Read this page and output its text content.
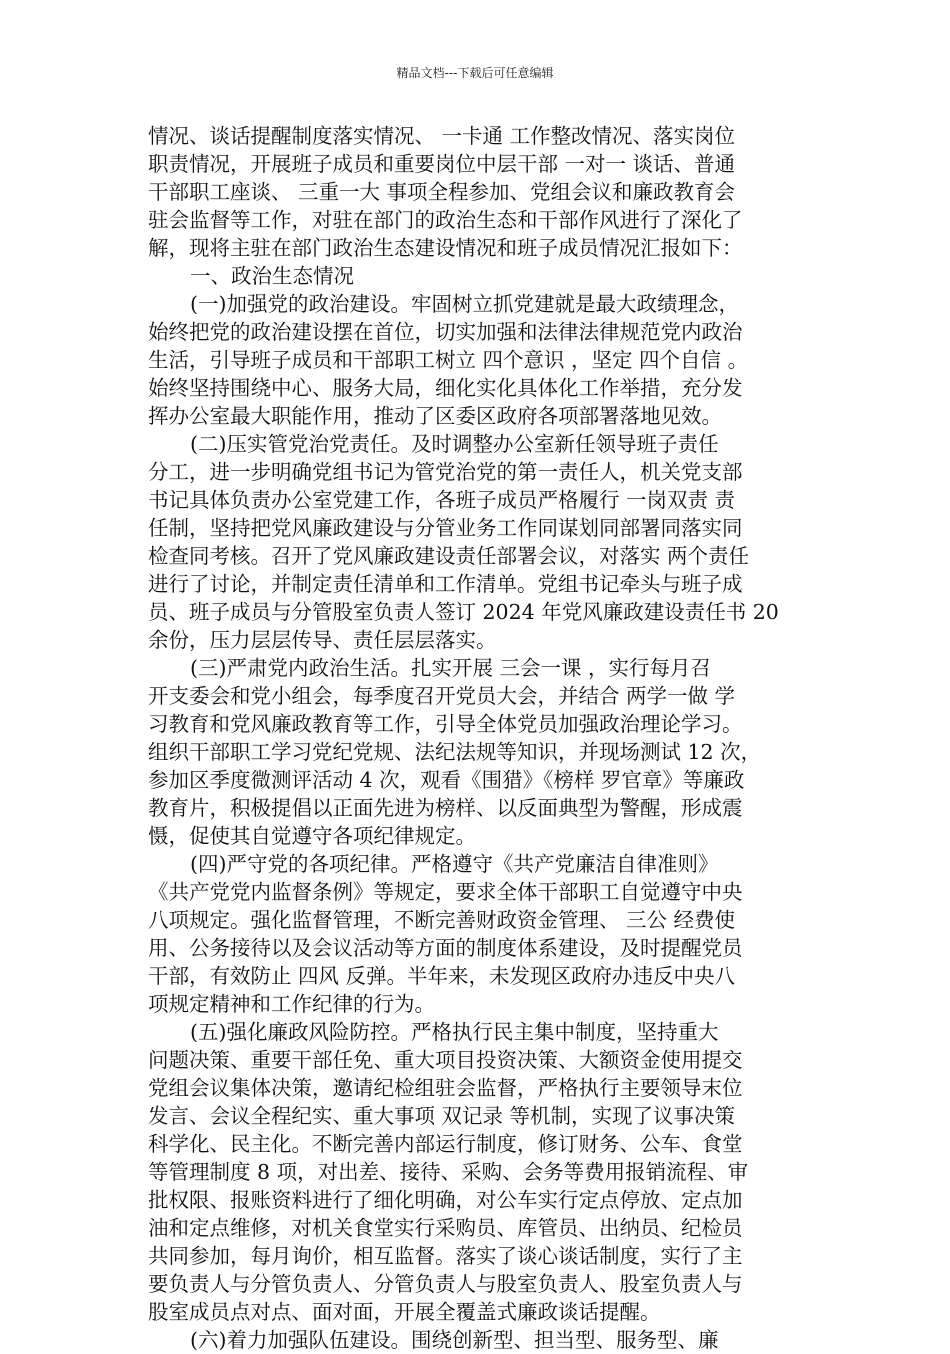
精品文档---下载后可任意编辑
情况、谈话提醒制度落实情况、 一卡通 工作整改情况、落实岗位
职责情况，开展班子成员和重要岗位中层干部 一对一 谈话、普通
干部职工座谈、 三重一大 事项全程参加、党组会议和廉政教育会
驻会监督等工作，对驻在部门的政治生态和干部作风进行了深化了
解，现将主驻在部门政治生态建设情况和班子成员情况汇报如下：
一、政治生态情况
(一)加强党的政治建设。牢固树立抓党建就是最大政绩理念，
始终把党的政治建设摆在首位，切实加强和法律法律规范党内政治
生活，引导班子成员和干部职工树立 四个意识 ，坚定 四个自信 。
始终坚持围绕中心、服务大局，细化实化具体化工作举措，充分发
挥办公室最大职能作用，推动了区委区政府各项部署落地见效。
(二)压实管党治党责任。及时调整办公室新任领导班子责任
分工，进一步明确党组书记为管党治党的第一责任人，机关党支部
书记具体负责办公室党建工作，各班子成员严格履行 一岗双责 责
任制，坚持把党风廉政建设与分管业务工作同谋划同部署同落实同
检查同考核。召开了党风廉政建设责任部署会议，对落实 两个责任
进行了讨论，并制定责任清单和工作清单。党组书记牵头与班子成
员、班子成员与分管股室负责人签订 2024 年党风廉政建设责任书 20
余份，压力层层传导、责任层层落实。
(三)严肃党内政治生活。扎实开展 三会一课 ，实行每月召
开支委会和党小组会，每季度召开党员大会，并结合 两学一做 学
习教育和党风廉政教育等工作，引导全体党员加强政治理论学习。
组织干部职工学习党纪党规、法纪法规等知识，并现场测试 12 次，
参加区季度微测评活动 4 次，观看《围猎》《榜样 罗官章》等廉政
教育片，积极提倡以正面先进为榜样、以反面典型为警醒，形成震
慑，促使其自觉遵守各项纪律规定。
(四)严守党的各项纪律。严格遵守《共产党廉洁自律准则》
《共产党党内监督条例》等规定，要求全体干部职工自觉遵守中央
八项规定。强化监督管理，不断完善财政资金管理、 三公 经费使
用、公务接待以及会议活动等方面的制度体系建设，及时提醒党员
干部，有效防止 四风 反弹。半年来，未发现区政府办违反中央八
项规定精神和工作纪律的行为。
(五)强化廉政风险防控。严格执行民主集中制度，坚持重大
问题决策、重要干部任免、重大项目投资决策、大额资金使用提交
党组会议集体决策，邀请纪检组驻会监督，严格执行主要领导末位
发言、会议全程纪实、重大事项 双记录 等机制，实现了议事决策
科学化、民主化。不断完善内部运行制度，修订财务、公车、食堂
等管理制度 8 项，对出差、接待、采购、会务等费用报销流程、审
批权限、报账资料进行了细化明确，对公车实行定点停放、定点加
油和定点维修，对机关食堂实行采购员、库管员、出纳员、纪检员
共同参加，每月询价，相互监督。落实了谈心谈话制度，实行了主
要负责人与分管负责人、分管负责人与股室负责人、股室负责人与
股室成员点对点、面对面，开展全覆盖式廉政谈话提醒。
(六)着力加强队伍建设。围绕创新型、担当型、服务型、廉
